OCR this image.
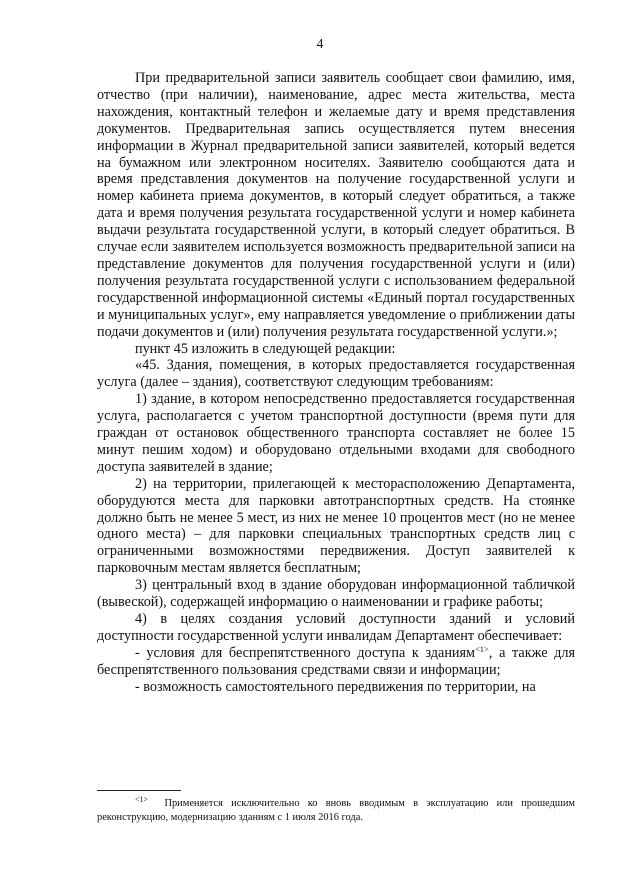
4

При предварительной записи заявитель сообщает свои фамилию, имя, отчество (при наличии), наименование, адрес места жительства, места нахождения, контактный телефон и желаемые дату и время представления документов. Предварительная запись осуществляется путем внесения информации в Журнал предварительной записи заявителей, который ведется на бумажном или электронном носителях. Заявителю сообщаются дата и время представления документов на получение государственной услуги и номер кабинета приема документов, в который следует обратиться, а также дата и время получения результата государственной услуги и номер кабинета выдачи результата государственной услуги, в который следует обратиться. В случае если заявителем используется возможность предварительной записи на представление документов для получения государственной услуги и (или) получения результата государственной услуги с использованием федеральной государственной информационной системы «Единый портал государственных и муниципальных услуг», ему направляется уведомление о приближении даты подачи документов и (или) получения результата государственной услуги.»;

пункт 45 изложить в следующей редакции:

«45. Здания, помещения, в которых предоставляется государственная услуга (далее – здания), соответствуют следующим требованиям:

1) здание, в котором непосредственно предоставляется государственная услуга, располагается с учетом транспортной доступности (время пути для граждан от остановок общественного транспорта составляет не более 15 минут пешим ходом) и оборудовано отдельными входами для свободного доступа заявителей в здание;

2) на территории, прилегающей к месторасположению Департамента, оборудуются места для парковки автотранспортных средств. На стоянке должно быть не менее 5 мест, из них не менее 10 процентов мест (но не менее одного места) – для парковки специальных транспортных средств лиц с ограниченными возможностями передвижения. Доступ заявителей к парковочным местам является бесплатным;

3) центральный вход в здание оборудован информационной табличкой (вывеской), содержащей информацию о наименовании и графике работы;

4) в целях создания условий доступности зданий и условий доступности государственной услуги инвалидам Департамент обеспечивает:

- условия для беспрепятственного доступа к зданиям$^{<1>}$, а также для беспрепятственного пользования средствами связи и информации;

- возможность самостоятельного передвижения по территории, на

$^{<1>}$ Применяется исключительно ко вновь вводимым в эксплуатацию или прошедшим реконструкцию, модернизацию зданиям с 1 июля 2016 года.
